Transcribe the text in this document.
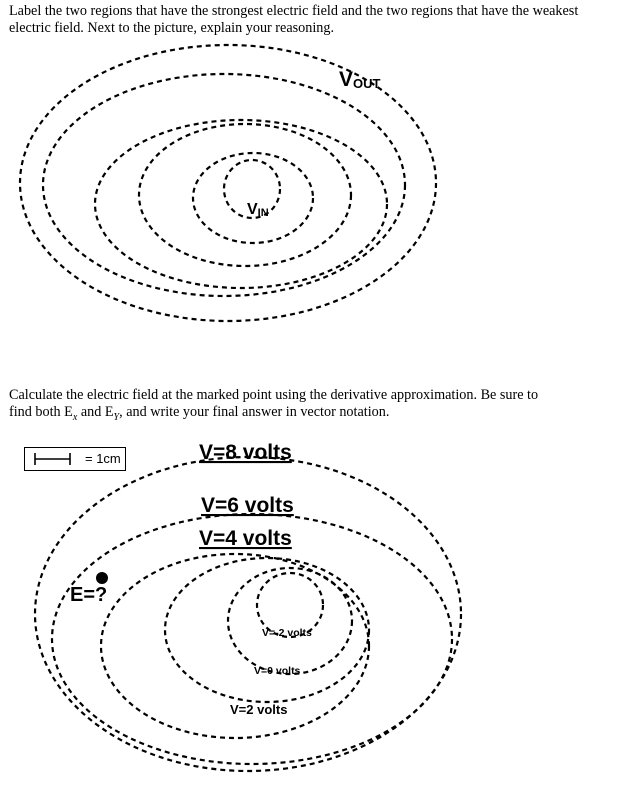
Label the two regions that have the strongest electric field and the two regions that have the weakest electric field. Next to the picture, explain your reasoning.

Calculate the electric field at the marked point using the derivative approximation. Be sure to
find both $E_x$ and $E_Y$, and write your final answer in vector notation.

VOUT
VIN
V=8 volts
V=6 volts
V=4 volts
V=-2 volts
V=0 volts
V=2 volts
E=?
= 1cm
